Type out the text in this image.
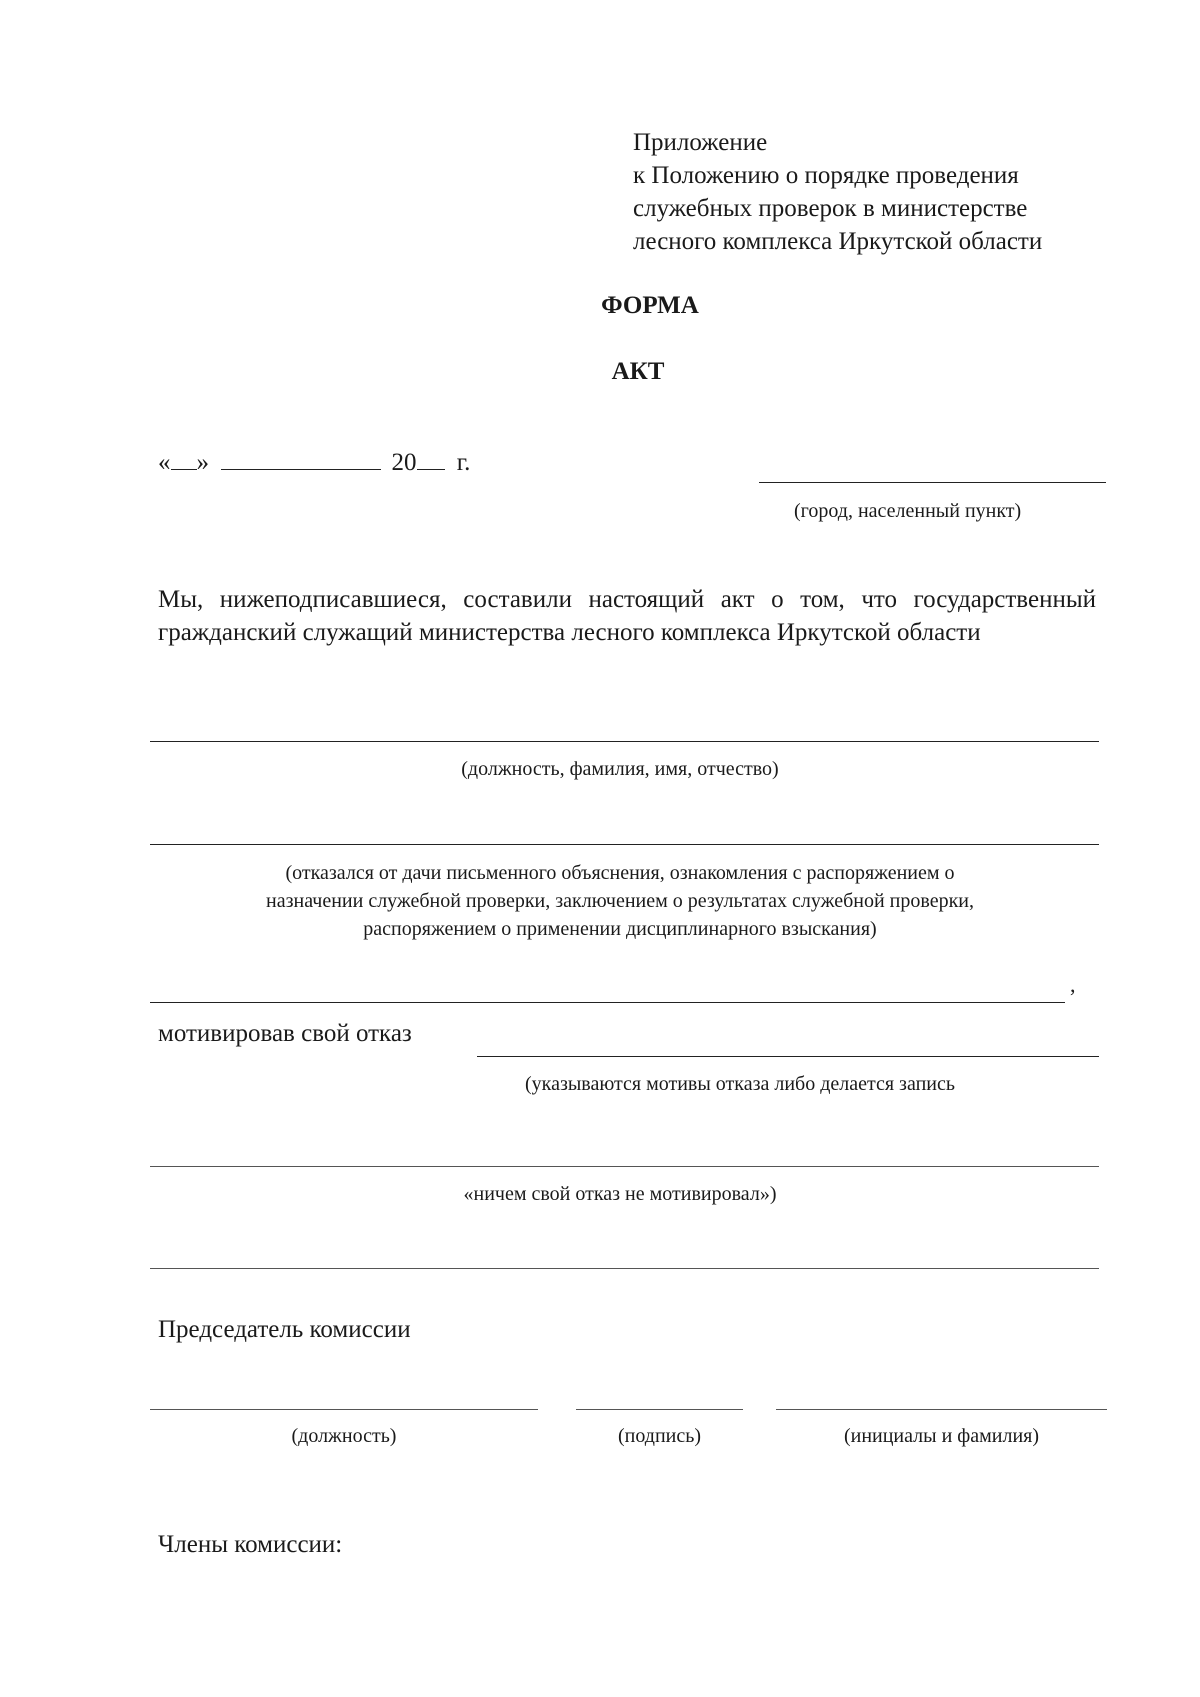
Приложение
к Положению о порядке проведения
служебных проверок в министерстве
лесного комплекса Иркутской области
ФОРМА
АКТ
« »	20 г.
(город, населенный пункт)
Мы, нижеподписавшиеся, составили настоящий акт о том, что государственный гражданский служащий министерства лесного комплекса Иркутской области
(должность, фамилия, имя, отчество)
(отказался от дачи письменного объяснения, ознакомления с распоряжением о
назначении служебной проверки, заключением о результатах служебной проверки,
распоряжением о применении дисциплинарного взыскания)
,
мотивировав свой отказ
(указываются мотивы отказа либо делается запись
«ничем свой отказ не мотивировал»)
Председатель комиссии
(должность)	(подпись)	(инициалы и фамилия)
Члены комиссии:
